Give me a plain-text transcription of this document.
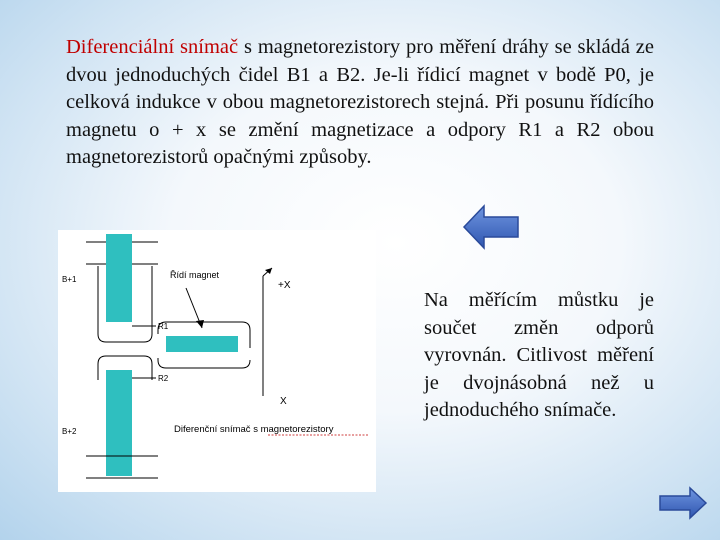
Diferenciální snímač s magnetorezistory pro měření dráhy se skládá ze dvou jednoduchých čidel B1 a B2. Je-li řídicí magnet v bodě P0, je celková indukce v obou magnetorezistorech stejná. Při posunu řídícího magnetu o + x se změní magnetizace a odpory R1 a R2 obou magnetorezistorů opačnými způsoby.
B+1
B+2
R1
R2
Řídí magnet
+X
X
Diferenční snímač s magnetorezistory
Na měřícím můstku je součet změn odporů vyrovnán. Citlivost měření je dvojnásobná než u jednoduchého snímače.
